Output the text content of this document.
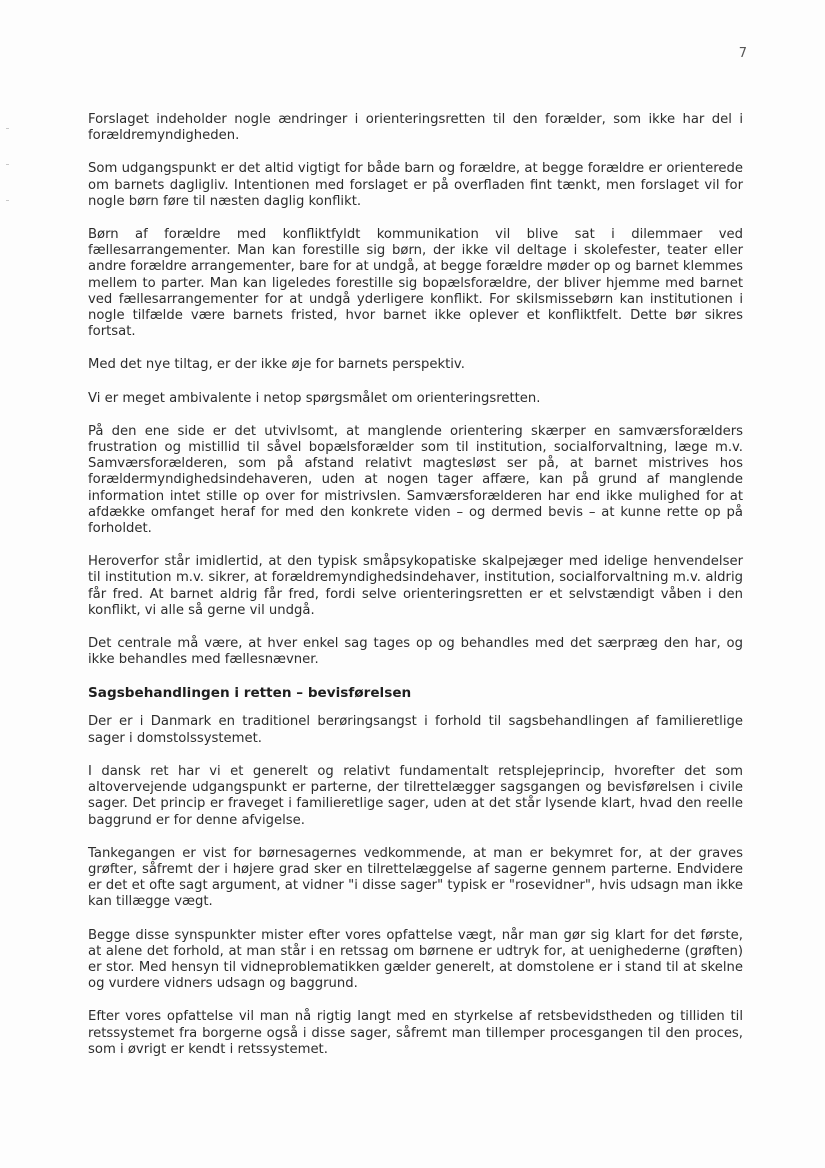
7

Forslaget indeholder nogle ændringer i orienteringsretten til den forælder, som ikke har del i forældremyndigheden.

Som udgangspunkt er det altid vigtigt for både barn og forældre, at begge forældre er orienterede om barnets dagligliv. Intentionen med forslaget er på overfladen fint tænkt, men forslaget vil for nogle børn føre til næsten daglig konflikt.

Børn af forældre med konfliktfyldt kommunikation vil blive sat i dilemmaer ved fællesarrangementer. Man kan forestille sig børn, der ikke vil deltage i skolefester, teater eller andre forældre arrangementer, bare for at undgå, at begge forældre møder op og barnet klemmes mellem to parter. Man kan ligeledes forestille sig bopælsforældre, der bliver hjemme med barnet ved fællesarrangementer for at undgå yderligere konflikt. For skilsmissebørn kan institutionen i nogle tilfælde være barnets fristed, hvor barnet ikke oplever et konfliktfelt. Dette bør sikres fortsat.

Med det nye tiltag, er der ikke øje for barnets perspektiv.

Vi er meget ambivalente i netop spørgsmålet om orienteringsretten.

På den ene side er det utvivlsomt, at manglende orientering skærper en samværsforælders frustration og mistillid til såvel bopælsforælder som til institution, socialforvaltning, læge m.v. Samværsforælderen, som på afstand relativt magtesløst ser på, at barnet mistrives hos forældermyndighedsindehaveren, uden at nogen tager affære, kan på grund af manglende information intet stille op over for mistrivslen. Samværsforælderen har end ikke mulighed for at afdække omfanget heraf for med den konkrete viden – og dermed bevis – at kunne rette op på forholdet.

Heroverfor står imidlertid, at den typisk småpsykopatiske skalpejæger med idelige henvendelser til institution m.v. sikrer, at forældremyndighedsindehaver, institution, socialforvaltning m.v. aldrig får fred. At barnet aldrig får fred, fordi selve orienteringsretten er et selvstændigt våben i den konflikt, vi alle så gerne vil undgå.

Det centrale må være, at hver enkel sag tages op og behandles med det særpræg den har, og ikke behandles med fællesnævner.

Sagsbehandlingen i retten – bevisførelsen

Der er i Danmark en traditionel berøringsangst i forhold til sagsbehandlingen af familieretlige sager i domstolssystemet.

I dansk ret har vi et generelt og relativt fundamentalt retsplejeprincip, hvorefter det som altovervejende udgangspunkt er parterne, der tilrettelægger sagsgangen og bevisførelsen i civile sager. Det princip er fraveget i familieretlige sager, uden at det står lysende klart, hvad den reelle baggrund er for denne afvigelse.

Tankegangen er vist for børnesagernes vedkommende, at man er bekymret for, at der graves grøfter, såfremt der i højere grad sker en tilrettelæggelse af sagerne gennem parterne. Endvidere er det et ofte sagt argument, at vidner "i disse sager" typisk er "rosevidner", hvis udsagn man ikke kan tillægge vægt.

Begge disse synspunkter mister efter vores opfattelse vægt, når man gør sig klart for det første, at alene det forhold, at man står i en retssag om børnene er udtryk for, at uenighederne (grøften) er stor. Med hensyn til vidneproblematikken gælder generelt, at domstolene er i stand til at skelne og vurdere vidners udsagn og baggrund.

Efter vores opfattelse vil man nå rigtig langt med en styrkelse af retsbevidstheden og tilliden til retssystemet fra borgerne også i disse sager, såfremt man tillemper procesgangen til den proces, som i øvrigt er kendt i retssystemet.
